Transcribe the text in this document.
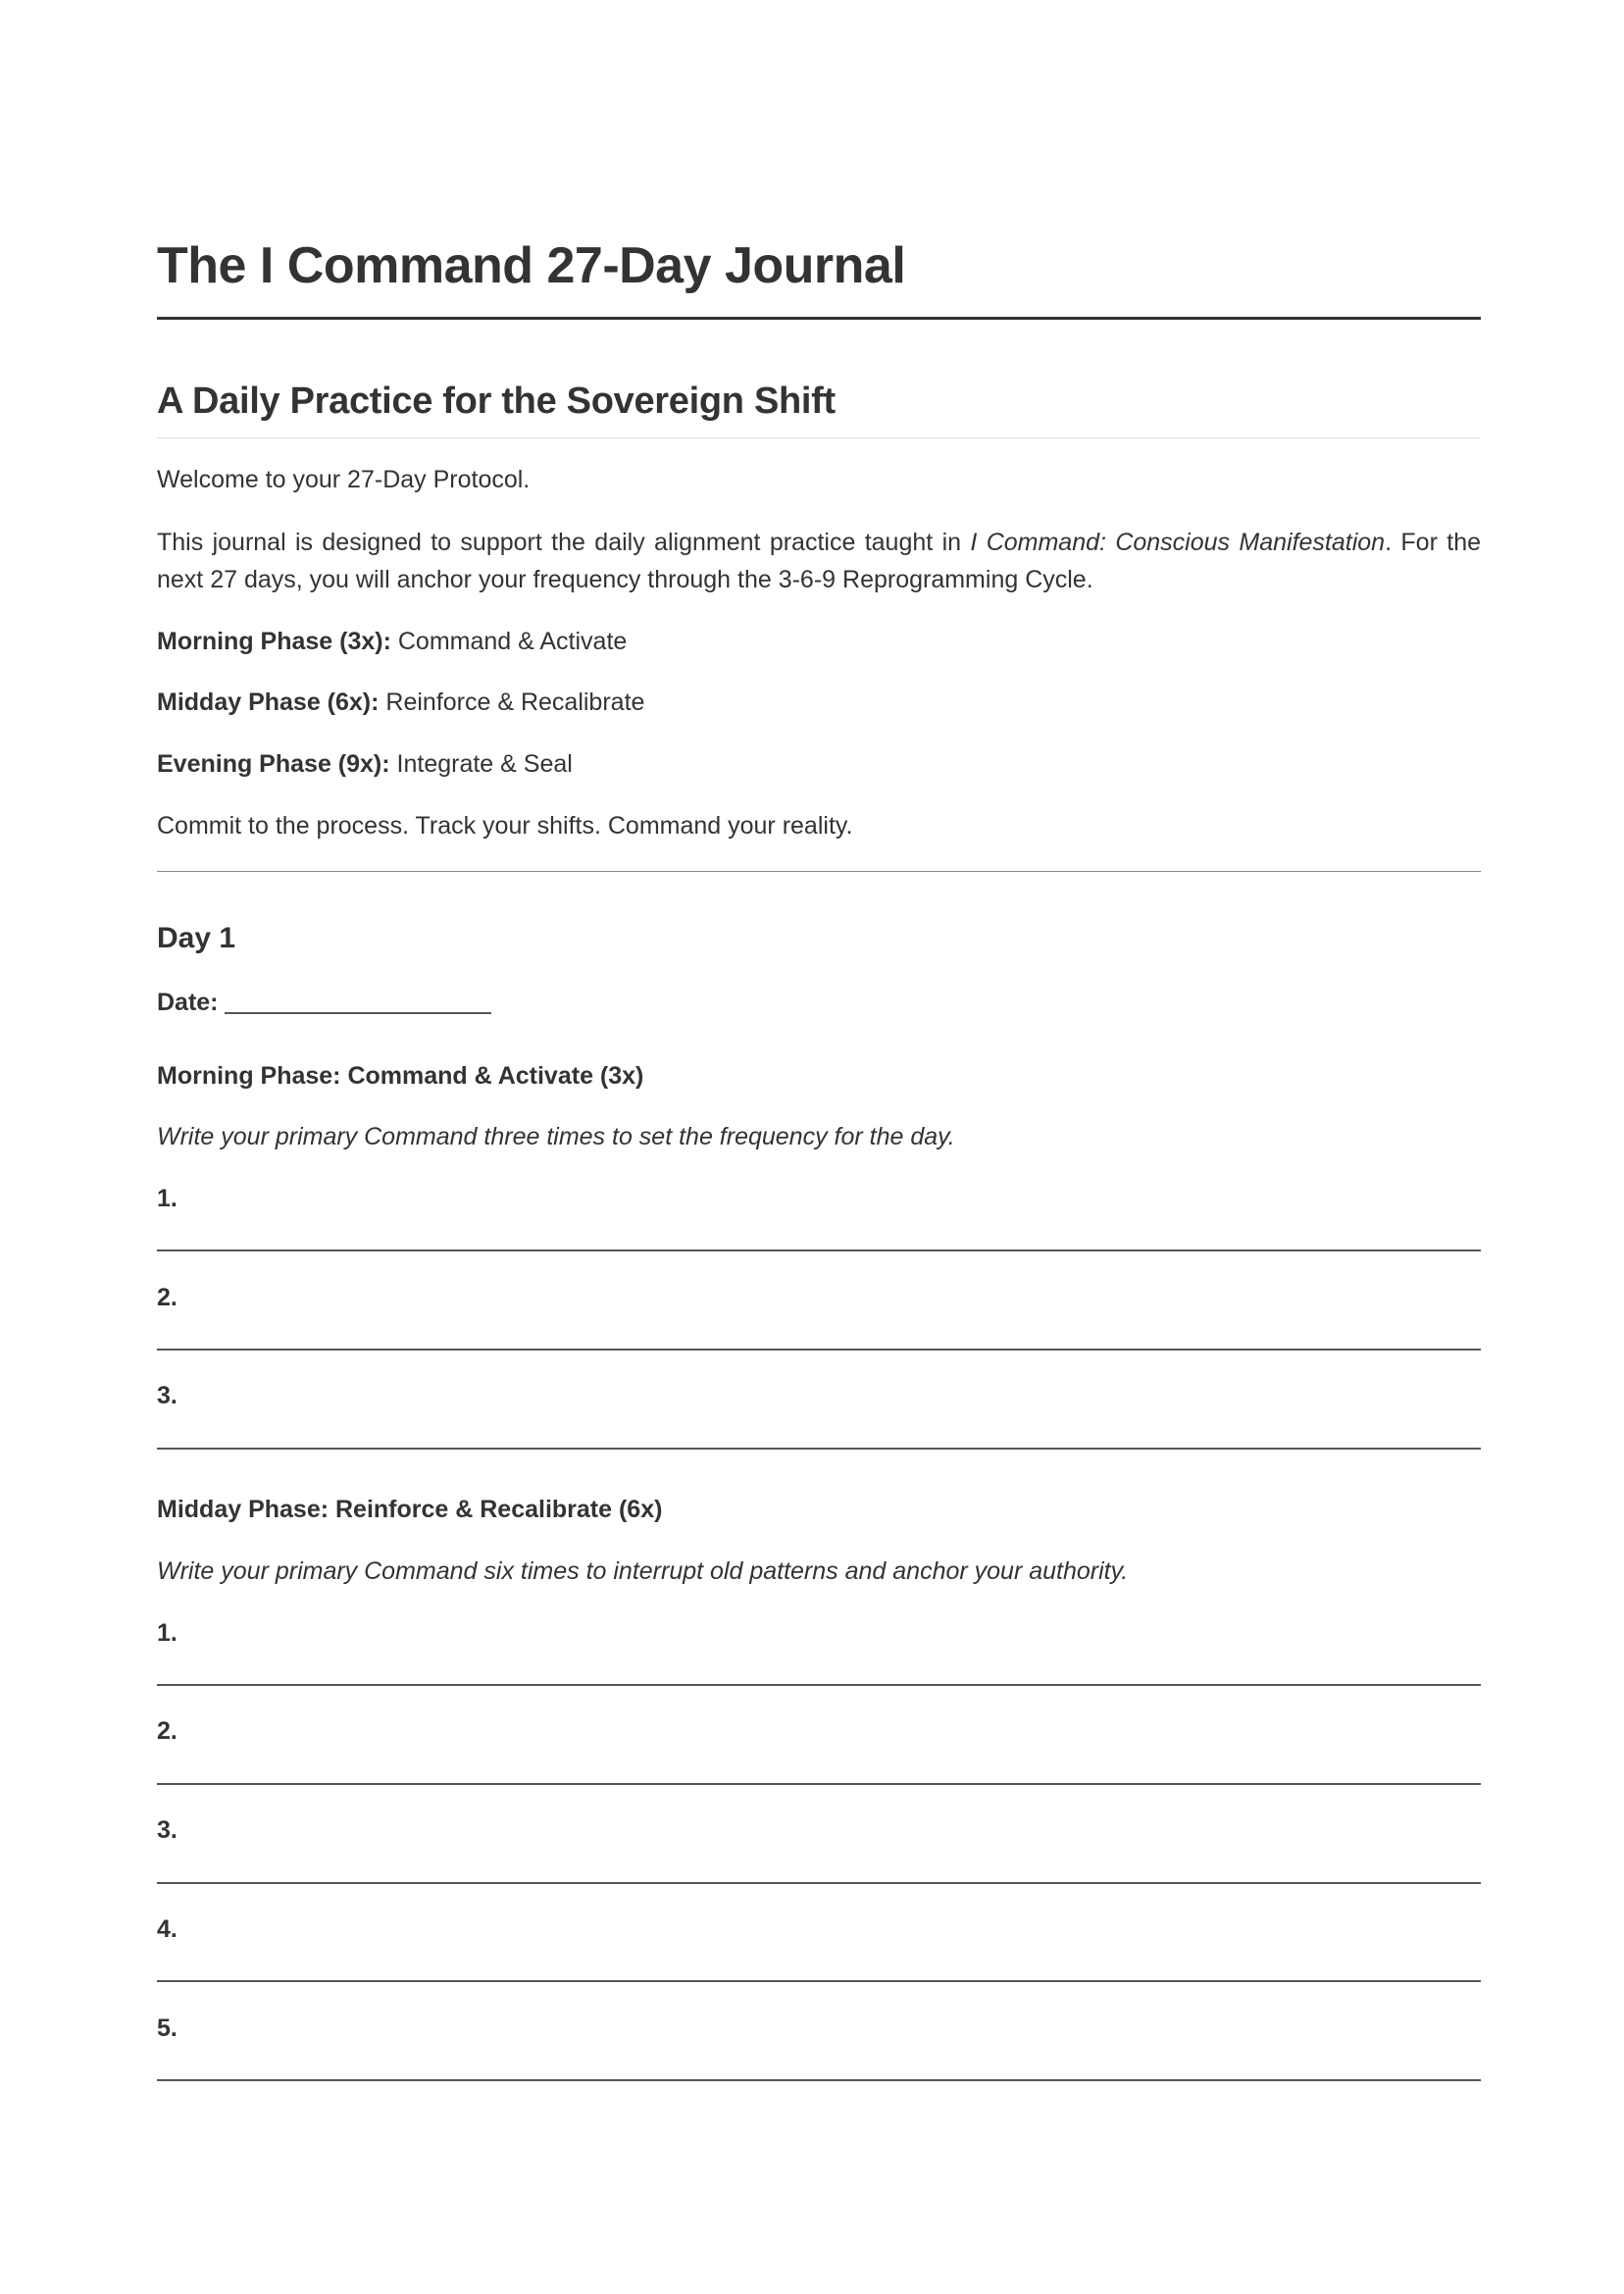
The I Command 27-Day Journal
A Daily Practice for the Sovereign Shift

Welcome to your 27-Day Protocol.

This journal is designed to support the daily alignment practice taught in I Command: Conscious Manifestation. For the next 27 days, you will anchor your frequency through the 3-6-9 Reprogramming Cycle.

Morning Phase (3x): Command & Activate

Midday Phase (6x): Reinforce & Recalibrate

Evening Phase (9x): Integrate & Seal

Commit to the process. Track your shifts. Command your reality.

Day 1
Date:
Morning Phase: Command & Activate (3x)

Write your primary Command three times to set the frequency for the day.

1.
2.
3.
Midday Phase: Reinforce & Recalibrate (6x)

Write your primary Command six times to interrupt old patterns and anchor your authority.

1.
2.
3.
4.
5.
